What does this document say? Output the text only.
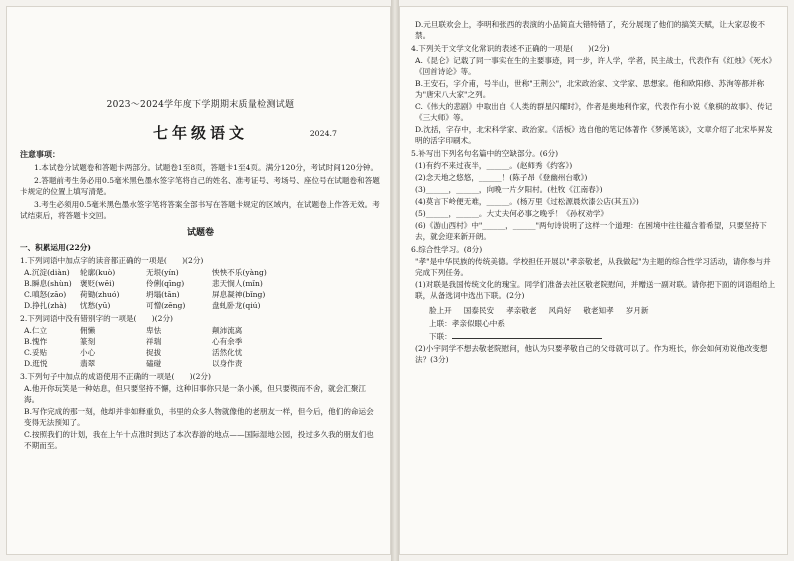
2023～2024学年度下学期期末质量检测试题
七年级语文	2024.7
注意事项：

1.本试卷分试题卷和答题卡两部分。试题卷1至8页，答题卡1至4页。满分120分，考试时间120分钟。

2.答题前考生务必用0.5毫米黑色墨水签字笔将自己的姓名、准考证号、考场号、座位号在试题卷和答题卡规定的位置上填写清楚。

3.考生必须用0.5毫米黑色墨水签字笔将答案全部书写在答题卡规定的区域内，在试题卷上作答无效。考试结束后，将答题卡交回。

试题卷
一、积累运用(22分)
1.下列词语中加点字的读音都正确的一项是(　　)(2分)
A.沉淀(diàn)	轮廓(kuò)	无垠(yín)	怏怏不乐(yàng)
B.瞬息(shùn)	褒贬(wēi)	伶俐(qīng)	悲天悯人(mǐn)
C.嗔怒(zāo)	荷锄(zhuó)	坍塌(tān)	屏息凝神(bǐng)
D.挣扎(zhà)	忧愁(yū)	可憎(zēng)	盘虬卧龙(qiú)
2.下列词语中没有错别字的一项是(　　)(2分)
A.仁立	佣懒	卑怯	颠沛流离
B.愧怍	篆刻	祥瑞	心有余季
C.妥贴	小心	捉拔	活然化忧
D.逛悦	翡翠	磕碰	以身作责
3.下列句子中加点的成语使用不正确的一项是(　　)(2分)
A.他开你玩笑是一种姑息，但只要坚持不懈，这种旧事你只是一条小溪，但只要锲而不舍，就会汇聚江海。
B.写作完成的那一刻，他却并非如释重负，书里的众多人物就像他的老朋友一样，但今后，他们的命运会变得无法预知了。
C.按照我们的计划，我在上午十点准时到达了本次春游的地点——国际湿地公园，投过多久我的朋友们也不期而至。
D.元旦联欢会上，李明和张西的表演的小品简直大错特错了，充分展现了他们的搞笑天赋，让大家忍俊不禁。
4.下列关于文学文化常识的表述不正确的一项是(　　)(2分)
A.《昆仑》记载了同一事实在生的主要事迹，同一步，许人学，学者，民主战士，代表作有《红烛》《死水》《回首诗论》等。
B.王安石，字介甫，号半山，世称"王荆公"，北宋政治家、文学家、思想家。他和欧阳修、苏洵等都并称为"唐宋八大家"之列。
C.《伟大的悲剧》中取出自《人类的群星闪耀时》，作者是奥地利作家，代表作有小说《象棋的故事》、传记《三大师》等。
D.沈括，字存中，北宋科学家、政治家。《活板》选自他的笔记体著作《梦溪笔谈》，文章介绍了北宋毕昇发明的活字印刷术。
5.补写出下列名句名篇中的空缺部分。(6分)
(1)有约不来过夜半，______。(赵师秀《约客》)
(2)念天地之悠悠，______！(陈子昂《登幽州台歌》)
(3)______，______，向晚一片夕阳村。(杜牧《江南春》)
(4)莫言下岭便无难，______。(杨万里《过松源晨炊漆公店(其五)》)
(5)______，______。大丈夫何必事之晚乎！《孙权劝学》
(6)《游山西村》中"______，______"两句诗说明了这样一个道理：在困境中往往蕴含着希望，只要坚持下去，就会迎来新开朗。
6.综合性学习。(8分)
"孝"是中华民族的传统美德。学校担任开展以"孝亲敬老，从我做起"为主题的综合性学习活动，请你参与并完成下列任务。
(1)对联是我国传统文化的瑰宝。同学们准备去社区敬老院慰问，并赠送一副对联。请你把下面的词语组给上联，从备选词中选出下联。(2分)
脸上开 国泰民安 孝亲敬老 风尚好 敬老知孝 岁月新
上联：孝亲似眼心中系
下联：
(2)小宇同学不想去敬老院慰问，他认为只要孝敬自己的父母就可以了。作为班长，你会如何劝说他改变想法？(3分)
